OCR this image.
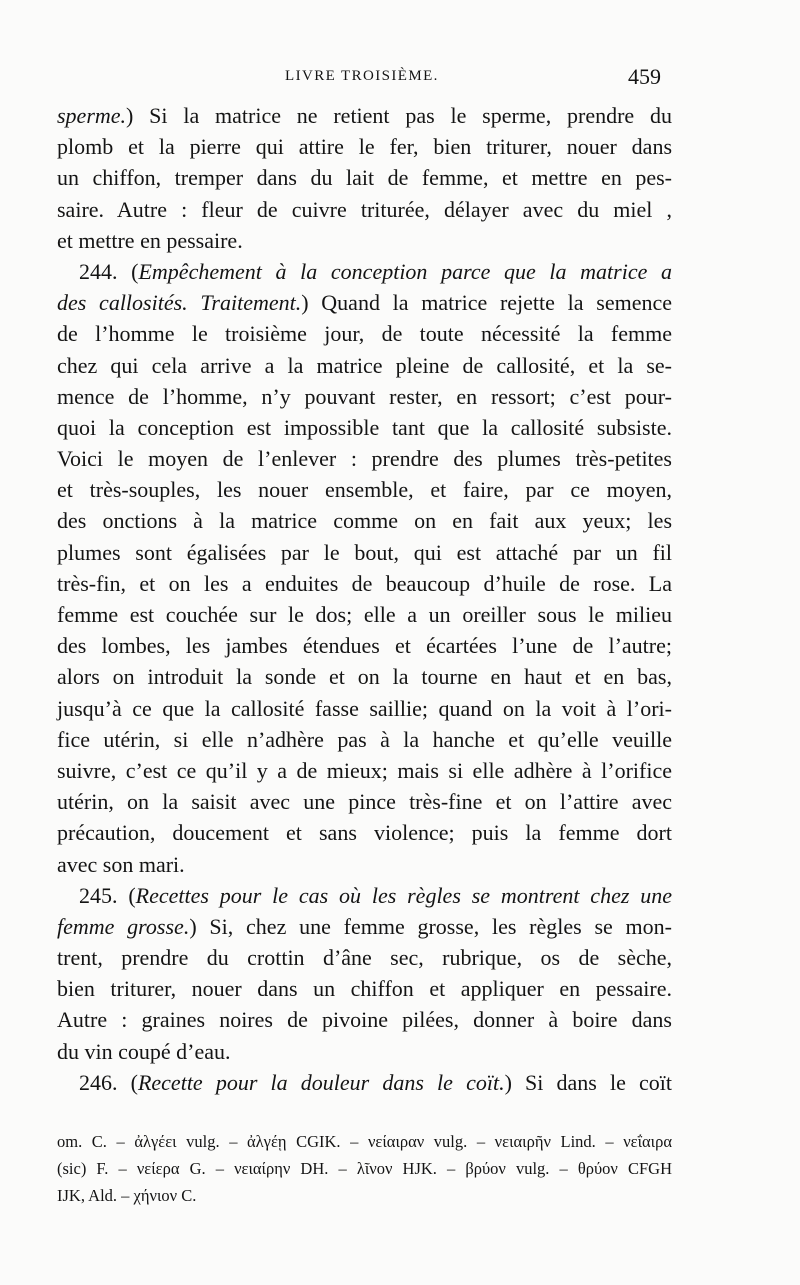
LIVRE TROISIÈME.	459
sperme.) Si la matrice ne retient pas le sperme, prendre du
plomb et la pierre qui attire le fer, bien triturer, nouer dans
un chiffon, tremper dans du lait de femme, et mettre en pes-
saire. Autre : fleur de cuivre triturée, délayer avec du miel ,
et mettre en pessaire.
244. (Empêchement à la conception parce que la matrice a
des callosités. Traitement.) Quand la matrice rejette la semence
de l’homme le troisième jour, de toute nécessité la femme
chez qui cela arrive a la matrice pleine de callosité, et la se-
mence de l’homme, n’y pouvant rester, en ressort; c’est pour-
quoi la conception est impossible tant que la callosité subsiste.
Voici le moyen de l’enlever : prendre des plumes très-petites
et très-souples, les nouer ensemble, et faire, par ce moyen,
des onctions à la matrice comme on en fait aux yeux; les
plumes sont égalisées par le bout, qui est attaché par un fil
très-fin, et on les a enduites de beaucoup d’huile de rose. La
femme est couchée sur le dos; elle a un oreiller sous le milieu
des lombes, les jambes étendues et écartées l’une de l’autre;
alors on introduit la sonde et on la tourne en haut et en bas,
jusqu’à ce que la callosité fasse saillie; quand on la voit à l’ori-
fice utérin, si elle n’adhère pas à la hanche et qu’elle veuille
suivre, c’est ce qu’il y a de mieux; mais si elle adhère à l’orifice
utérin, on la saisit avec une pince très-fine et on l’attire avec
précaution, doucement et sans violence; puis la femme dort
avec son mari.
245. (Recettes pour le cas où les règles se montrent chez une
femme grosse.) Si, chez une femme grosse, les règles se mon-
trent, prendre du crottin d’âne sec, rubrique, os de sèche,
bien triturer, nouer dans un chiffon et appliquer en pessaire.
Autre : graines noires de pivoine pilées, donner à boire dans
du vin coupé d’eau.
246. (Recette pour la douleur dans le coït.) Si dans le coït
om. C. – ἀλγέει vulg. – ἀλγέῃ CGIK. – νείαιραν vulg. – νειαιρῆν Lind. – νεΐαιρα
(sic) F. – νείερα G. – νειαίρην DH. – λῖνον HJK. – βρύον vulg. – θρύον CFGH
IJK, Ald. – χήνιον C.
